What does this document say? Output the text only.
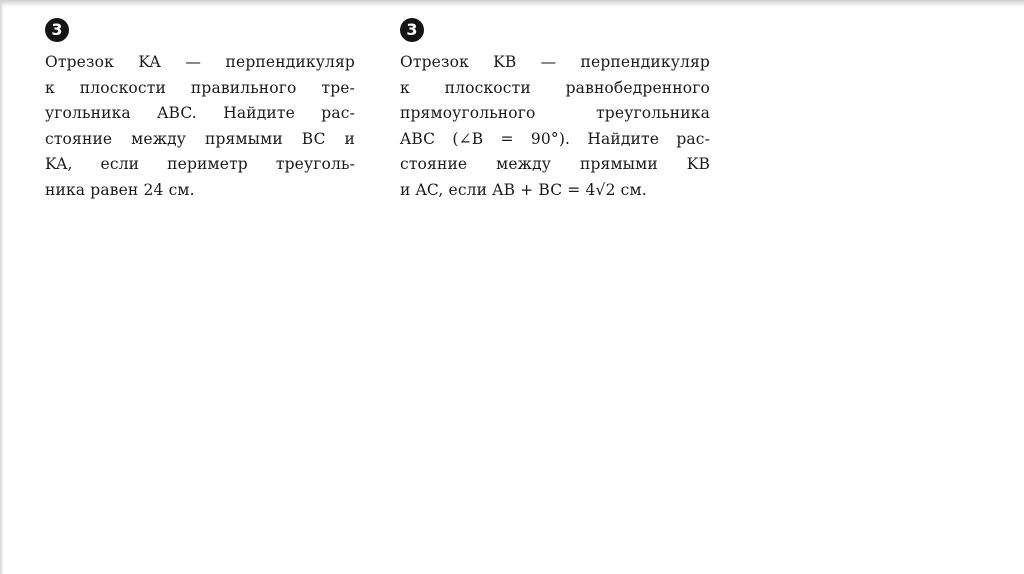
3

Отрезок KA — перпендикуляр
к плоскости правильного тре-
угольника ABC. Найдите рас-
стояние между прямыми BC и
KA, если периметр треуголь-
ника равен 24 см.

3

Отрезок KB — перпендикуляр
к плоскости равнобедренного
прямоугольного треугольника
ABC (∠B = 90°). Найдите рас-
стояние между прямыми KB
и AC, если AB + BC = 4√2 см.
